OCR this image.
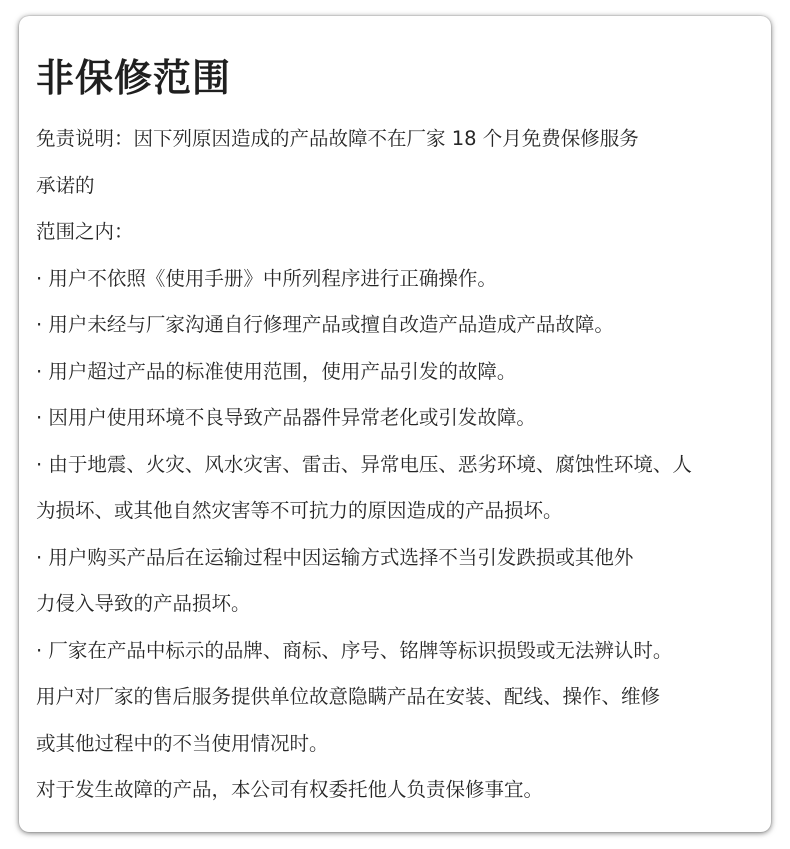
非保修范围
免责说明：因下列原因造成的产品故障不在厂家 18 个月免费保修服务
承诺的
范围之内：
· 用户不依照《使用手册》中所列程序进行正确操作。
· 用户未经与厂家沟通自行修理产品或擅自改造产品造成产品故障。
· 用户超过产品的标准使用范围，使用产品引发的故障。
· 因用户使用环境不良导致产品器件异常老化或引发故障。
· 由于地震、火灾、风水灾害、雷击、异常电压、恶劣环境、腐蚀性环境、人
为损坏、或其他自然灾害等不可抗力的原因造成的产品损坏。
· 用户购买产品后在运输过程中因运输方式选择不当引发跌损或其他外
力侵入导致的产品损坏。
· 厂家在产品中标示的品牌、商标、序号、铭牌等标识损毁或无法辨认时。
用户对厂家的售后服务提供单位故意隐瞒产品在安装、配线、操作、维修
或其他过程中的不当使用情况时。
对于发生故障的产品，本公司有权委托他人负责保修事宜。
